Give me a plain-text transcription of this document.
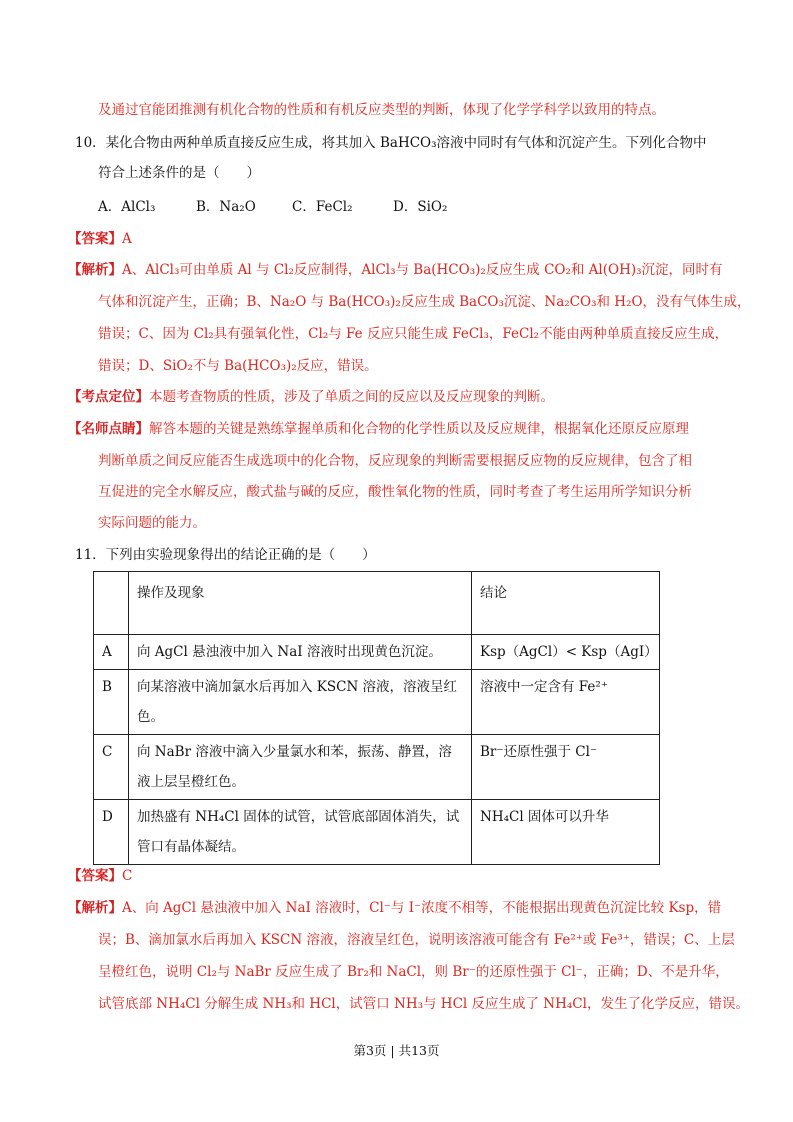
及通过官能团推测有机化合物的性质和有机反应类型的判断，体现了化学学科学以致用的特点。
10．某化合物由两种单质直接反应生成，将其加入 BaHCO₃溶液中同时有气体和沉淀产生。下列化合物中
符合上述条件的是（　　）
A．AlCl₃	B．Na₂O	C．FeCl₂	D．SiO₂
【答案】A
【解析】A、AlCl₃可由单质 Al 与 Cl₂反应制得，AlCl₃与 Ba(HCO₃)₂反应生成 CO₂和 Al(OH)₃沉淀，同时有
气体和沉淀产生，正确；B、Na₂O 与 Ba(HCO₃)₂反应生成 BaCO₃沉淀、Na₂CO₃和 H₂O，没有气体生成，
错误；C、因为 Cl₂具有强氧化性，Cl₂与 Fe 反应只能生成 FeCl₃，FeCl₂不能由两种单质直接反应生成，
错误；D、SiO₂不与 Ba(HCO₃)₂反应，错误。
【考点定位】本题考查物质的性质，涉及了单质之间的反应以及反应现象的判断。
【名师点睛】解答本题的关键是熟练掌握单质和化合物的化学性质以及反应规律，根据氧化还原反应原理
判断单质之间反应能否生成选项中的化合物，反应现象的判断需要根据反应物的反应规律，包含了相
互促进的完全水解反应，酸式盐与碱的反应，酸性氧化物的性质，同时考查了考生运用所学知识分析
实际问题的能力。
11．下列由实验现象得出的结论正确的是（　　）
	操作及现象	结论
A	向 AgCl 悬浊液中加入 NaI 溶液时出现黄色沉淀。	Ksp（AgCl）< Ksp（AgI）
B	向某溶液中滴加氯水后再加入 KSCN 溶液，溶液呈红色。	溶液中一定含有 Fe²⁺
C	向 NaBr 溶液中滴入少量氯水和苯，振荡、静置，溶液上层呈橙红色。	Br⁻还原性强于 Cl⁻
D	加热盛有 NH₄Cl 固体的试管，试管底部固体消失，试管口有晶体凝结。	NH₄Cl 固体可以升华
【答案】C
【解析】A、向 AgCl 悬浊液中加入 NaI 溶液时，Cl⁻与 I⁻浓度不相等，不能根据出现黄色沉淀比较 Ksp，错
误；B、滴加氯水后再加入 KSCN 溶液，溶液呈红色，说明该溶液可能含有 Fe²⁺或 Fe³⁺，错误；C、上层
呈橙红色，说明 Cl₂与 NaBr 反应生成了 Br₂和 NaCl，则 Br⁻的还原性强于 Cl⁻，正确；D、不是升华，
试管底部 NH₄Cl 分解生成 NH₃和 HCl，试管口 NH₃与 HCl 反应生成了 NH₄Cl，发生了化学反应，错误。
第3页 | 共13页
